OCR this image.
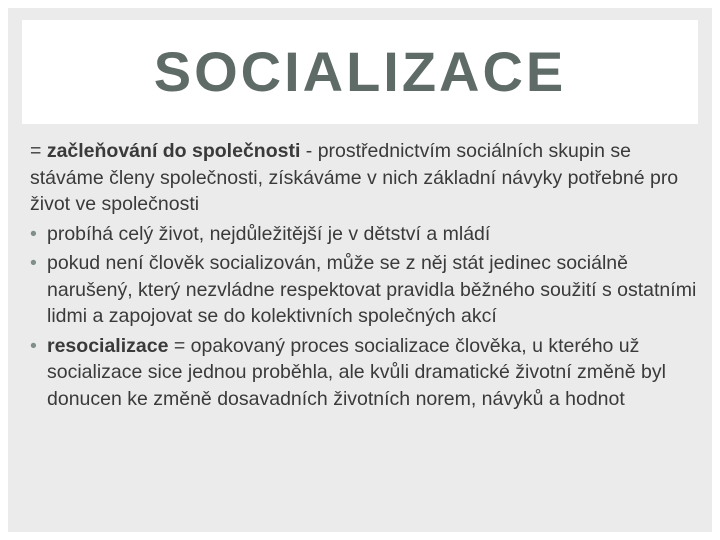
SOCIALIZACE

= začleňování do společnosti - prostřednictvím sociálních skupin se stáváme členy společnosti, získáváme v nich základní návyky potřebné pro život ve společnosti

• probíhá celý život, nejdůležitější je v dětství a mládí
• pokud není člověk socializován, může se z něj stát jedinec sociálně narušený, který nezvládne respektovat pravidla běžného soužití s ostatními lidmi a zapojovat se do kolektivních společných akcí
• resocializace = opakovaný proces socializace člověka, u kterého už socializace sice jednou proběhla, ale kvůli dramatické životní změně byl donucen ke změně dosavadních životních norem, návyků a hodnot
